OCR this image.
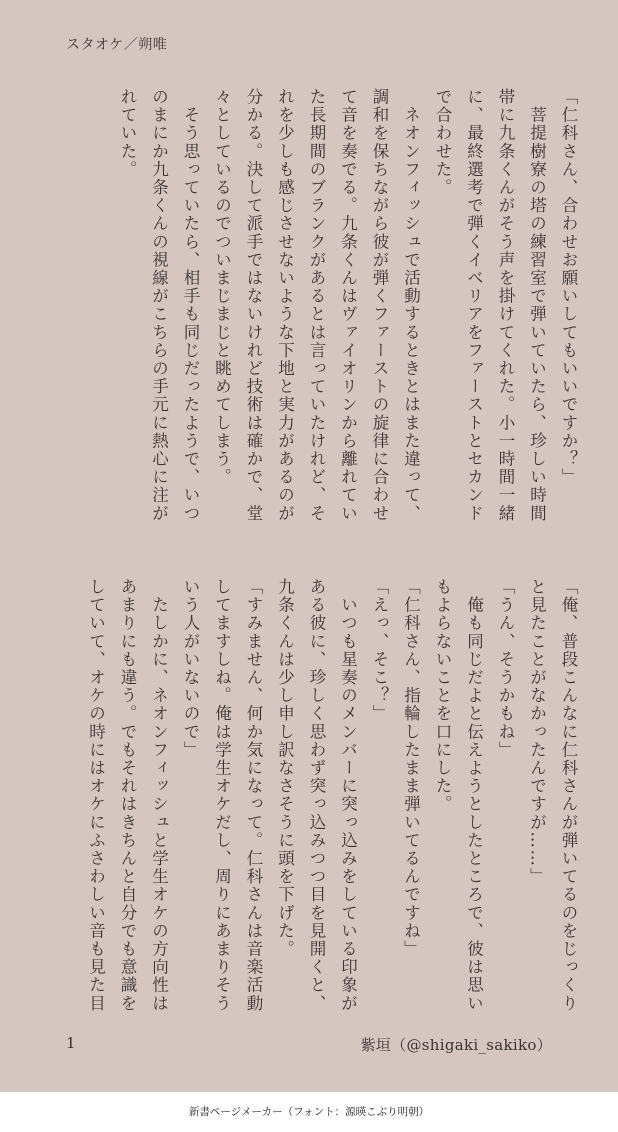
スタオケ／朔唯
「仁科さん、合わせお願いしてもいいですか？」
　菩提樹寮の塔の練習室で弾いていたら、珍しい時間
帯に九条くんがそう声を掛けてくれた。小一時間一緒
に、最終選考で弾くイベリアをファーストとセカンド
で合わせた。
　ネオンフィッシュで活動するときとはまた違って、
調和を保ちながら彼が弾くファーストの旋律に合わせ
て音を奏でる。九条くんはヴァイオリンから離れてい
た長期間のブランクがあるとは言っていたけれど、そ
れを少しも感じさせないような下地と実力があるのが
分かる。決して派手ではないけれど技術は確かで、堂
々としているのでついまじまじと眺めてしまう。
　そう思っていたら、相手も同じだったようで、いつ
のまにか九条くんの視線がこちらの手元に熱心に注が
れていた。
「俺、普段こんなに仁科さんが弾いてるのをじっくり
と見たことがなかったんですが……」
「うん、そうかもね」
　俺も同じだよと伝えようとしたところで、彼は思い
もよらないことを口にした。
「仁科さん、指輪したまま弾いてるんですね」
「えっ、そこ？」
　いつも星奏のメンバーに突っ込みをしている印象が
ある彼に、珍しく思わず突っ込みつつ目を見開くと、
九条くんは少し申し訳なさそうに頭を下げた。
「すみません、何か気になって。仁科さんは音楽活動
してますしね。俺は学生オケだし、周りにあまりそう
いう人がいないので」
　たしかに、ネオンフィッシュと学生オケの方向性は
あまりにも違う。でもそれはきちんと自分でも意識を
していて、オケの時にはオケにふさわしい音も見た目
1	紫垣（@shigaki_sakiko）
新書ページメーカー（フォント：源暎こぶり明朝）
